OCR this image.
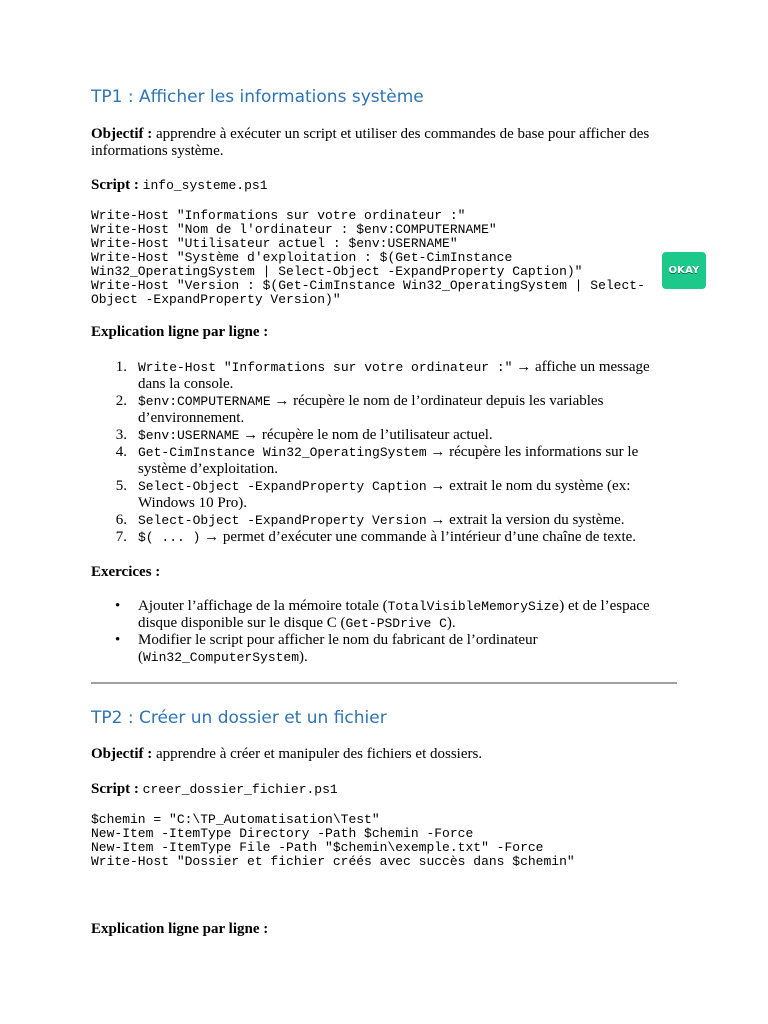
TP1 : Afficher les informations système

Objectif : apprendre à exécuter un script et utiliser des commandes de base pour afficher des informations système.

Script : info_systeme.ps1

Write-Host "Informations sur votre ordinateur :"
Write-Host "Nom de l'ordinateur : $env:COMPUTERNAME"
Write-Host "Utilisateur actuel : $env:USERNAME"
Write-Host "Système d'exploitation : $(Get-CimInstance
Win32_OperatingSystem | Select-Object -ExpandProperty Caption)"
Write-Host "Version : $(Get-CimInstance Win32_OperatingSystem | Select-
Object -ExpandProperty Version)"

Explication ligne par ligne :

1. Write-Host "Informations sur votre ordinateur :" → affiche un message dans la console.
2. $env:COMPUTERNAME → récupère le nom de l’ordinateur depuis les variables d’environnement.
3. $env:USERNAME → récupère le nom de l’utilisateur actuel.
4. Get-CimInstance Win32_OperatingSystem → récupère les informations sur le système d’exploitation.
5. Select-Object -ExpandProperty Caption → extrait le nom du système (ex: Windows 10 Pro).
6. Select-Object -ExpandProperty Version → extrait la version du système.
7. $( ... ) → permet d’exécuter une commande à l’intérieur d’une chaîne de texte.

Exercices :

• Ajouter l’affichage de la mémoire totale (TotalVisibleMemorySize) et de l’espace disque disponible sur le disque C (Get-PSDrive C).
• Modifier le script pour afficher le nom du fabricant de l’ordinateur (Win32_ComputerSystem).
TP2 : Créer un dossier et un fichier

Objectif : apprendre à créer et manipuler des fichiers et dossiers.

Script : creer_dossier_fichier.ps1

$chemin = "C:\TP_Automatisation\Test"
New-Item -ItemType Directory -Path $chemin -Force
New-Item -ItemType File -Path "$chemin\exemple.txt" -Force
Write-Host "Dossier et fichier créés avec succès dans $chemin"

Explication ligne par ligne :

OKAY
